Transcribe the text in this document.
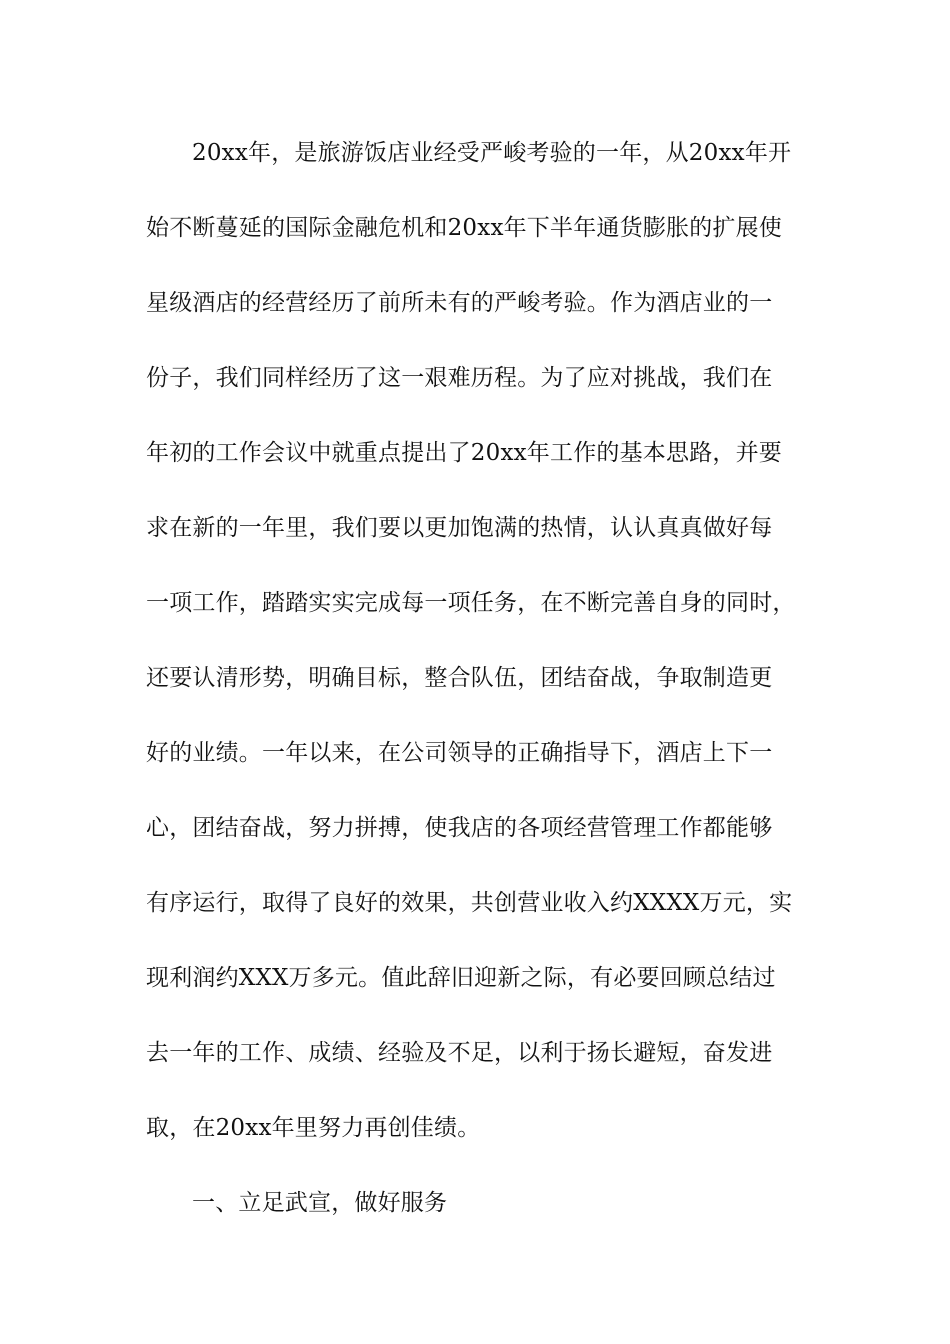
20xx年，是旅游饭店业经受严峻考验的一年，从20xx年开

始不断蔓延的国际金融危机和20xx年下半年通货膨胀的扩展使

星级酒店的经营经历了前所未有的严峻考验。作为酒店业的一

份子，我们同样经历了这一艰难历程。为了应对挑战，我们在

年初的工作会议中就重点提出了20xx年工作的基本思路，并要

求在新的一年里，我们要以更加饱满的热情，认认真真做好每

一项工作，踏踏实实完成每一项任务，在不断完善自身的同时，

还要认清形势，明确目标，整合队伍，团结奋战，争取制造更

好的业绩。一年以来，在公司领导的正确指导下，酒店上下一

心，团结奋战，努力拼搏，使我店的各项经营管理工作都能够

有序运行，取得了良好的效果，共创营业收入约XXXX万元，实

现利润约XXX万多元。值此辞旧迎新之际，有必要回顾总结过

去一年的工作、成绩、经验及不足，以利于扬长避短，奋发进

取，在20xx年里努力再创佳绩。

一、立足武宣，做好服务
